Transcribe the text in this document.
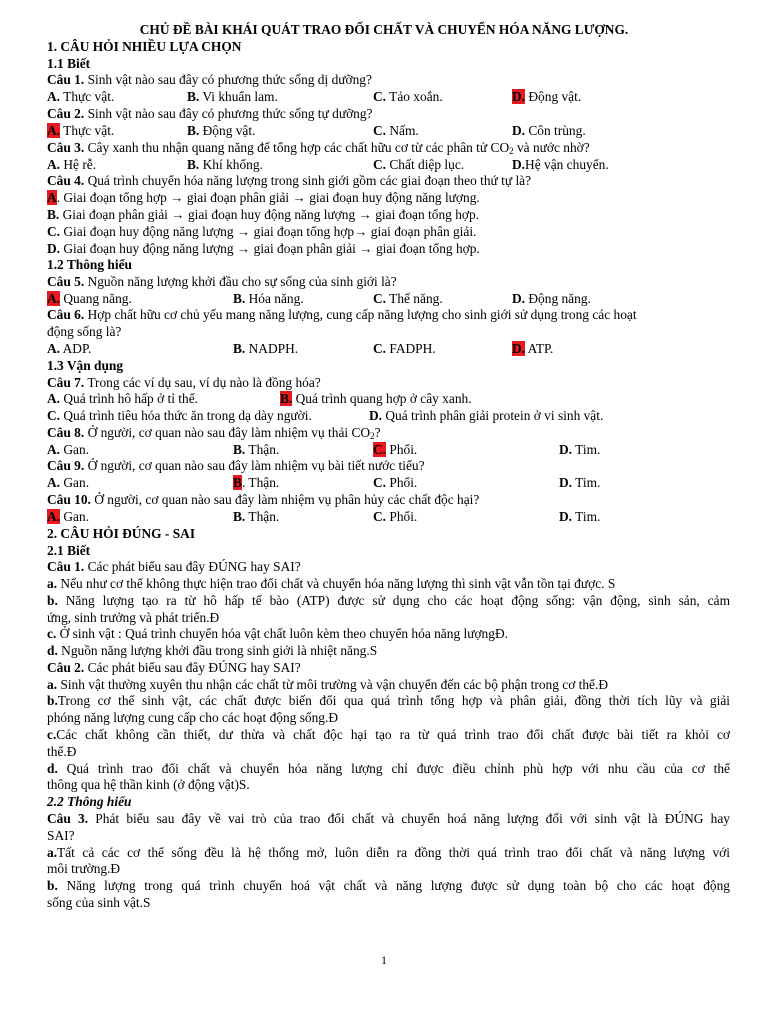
CHỦ ĐỀ BÀI KHÁI QUÁT TRAO ĐỔI CHẤT VÀ CHUYỂN HÓA NĂNG LƯỢNG.
1. CÂU HỎI NHIỀU LỰA CHỌN
1.1 Biết
Câu 1. Sinh vật nào sau đây có phương thức sống dị dưỡng?
A. Thực vật.	B. Vi khuẩn lam.	C. Tảo xoắn.	D. Động vật.
Câu 2. Sinh vật nào sau đây có phương thức sống tự dưỡng?
A. Thực vật.	B. Động vật.	C. Nấm.	D. Côn trùng.
Câu 3. Cây xanh thu nhận quang năng để tổng hợp các chất hữu cơ từ các phân tử $CO_2$ và nước nhờ?
A. Hệ rễ.	B. Khí khổng.	C. Chất diệp lục.	D.Hệ vận chuyển.
Câu 4. Quá trình chuyển hóa năng lượng trong sinh giới gồm các giai đoạn theo thứ tự là?
A. Giai đoạn tổng hợp → giai đoạn phân giải → giai đoạn huy động năng lượng.
B. Giai đoạn phân giải → giai đoạn huy động năng lượng → giai đoạn tổng hợp.
C. Giai đoạn huy động năng lượng → giai đoạn tổng hợp→ giai đoạn phân giải.
D. Giai đoạn huy động năng lượng → giai đoạn phân giải → giai đoạn tổng hợp.
1.2 Thông hiểu
Câu 5. Nguồn năng lượng khởi đầu cho sự sống của sinh giới là?
A. Quang năng.	B. Hóa năng.	C. Thế năng.	D. Động năng.
Câu 6. Hợp chất hữu cơ chủ yếu mang năng lượng, cung cấp năng lượng cho sinh giới sử dụng trong các hoạt
động sống là?
A. ADP.	B. NADPH.	C. FADPH.	D. ATP.
1.3 Vận dụng
Câu 7. Trong các ví dụ sau, ví dụ nào là đồng hóa?
A. Quá trình hô hấp ở tỉ thể.	B. Quá trình quang hợp ở cây xanh.
C. Quá trình tiêu hóa thức ăn trong dạ dày người.	D. Quá trình phân giải protein ở vi sinh vật.
Câu 8. Ở người, cơ quan nào sau đây làm nhiệm vụ thải $CO_2$?
A. Gan.	B. Thận.	C. Phổi.	D. Tim.
Câu 9. Ở người, cơ quan nào sau đây làm nhiệm vụ bài tiết nước tiểu?
A. Gan.	B. Thận.	C. Phổi.	D. Tim.
Câu 10. Ở người, cơ quan nào sau đây làm nhiệm vụ phân hủy các chất độc hại?
A. Gan.	B. Thận.	C. Phổi.	D. Tim.
2. CÂU HỎI ĐÚNG - SAI
2.1 Biết
Câu 1. Các phát biểu sau đây ĐÚNG hay SAI?
a. Nếu như cơ thể không thực hiện trao đổi chất và chuyển hóa năng lượng thì sinh vật vẫn tồn tại được. S
b. Năng lượng tạo ra từ hô hấp tế bào (ATP) được sử dụng cho các hoạt động sống: vận động, sinh sản, cảm
ứng, sinh trưởng và phát triển.Đ
c. Ở sinh vật : Quá trình chuyển hóa vật chất luôn kèm theo chuyển hóa năng lượngĐ.
d. Nguồn năng lượng khởi đầu trong sinh giới là nhiệt năng.S
Câu 2. Các phát biểu sau đây ĐÚNG hay SAI?
a. Sinh vật thường xuyên thu nhận các chất từ môi trường và vận chuyển đến các bộ phận trong cơ thể.Đ
b.Trong cơ thể sinh vật, các chất được biến đổi qua quá trình tổng hợp và phân giải, đồng thời tích lũy và giải
phóng năng lượng cung cấp cho các hoạt động sống.Đ
c.Các chất không cần thiết, dư thừa và chất độc hại tạo ra từ quá trình trao đổi chất được bài tiết ra khỏi cơ
thể.Đ
d. Quá trình trao đổi chất và chuyển hóa năng lượng chỉ được điều chỉnh phù hợp với nhu cầu của cơ thể
thông qua hệ thần kinh (ở động vật)S.
2.2 Thông hiểu
Câu 3. Phát biểu sau đây về vai trò của trao đổi chất và chuyển hoá năng lượng đối với sinh vật là ĐÚNG hay
SAI?
a.Tất cả các cơ thể sống đều là hệ thống mở, luôn diễn ra đồng thời quá trình trao đổi chất và năng lượng với
môi trường.Đ
b. Năng lượng trong quá trình chuyển hoá vật chất và năng lượng được sử dụng toàn bộ cho các hoạt động
sống của sinh vật.S
1
